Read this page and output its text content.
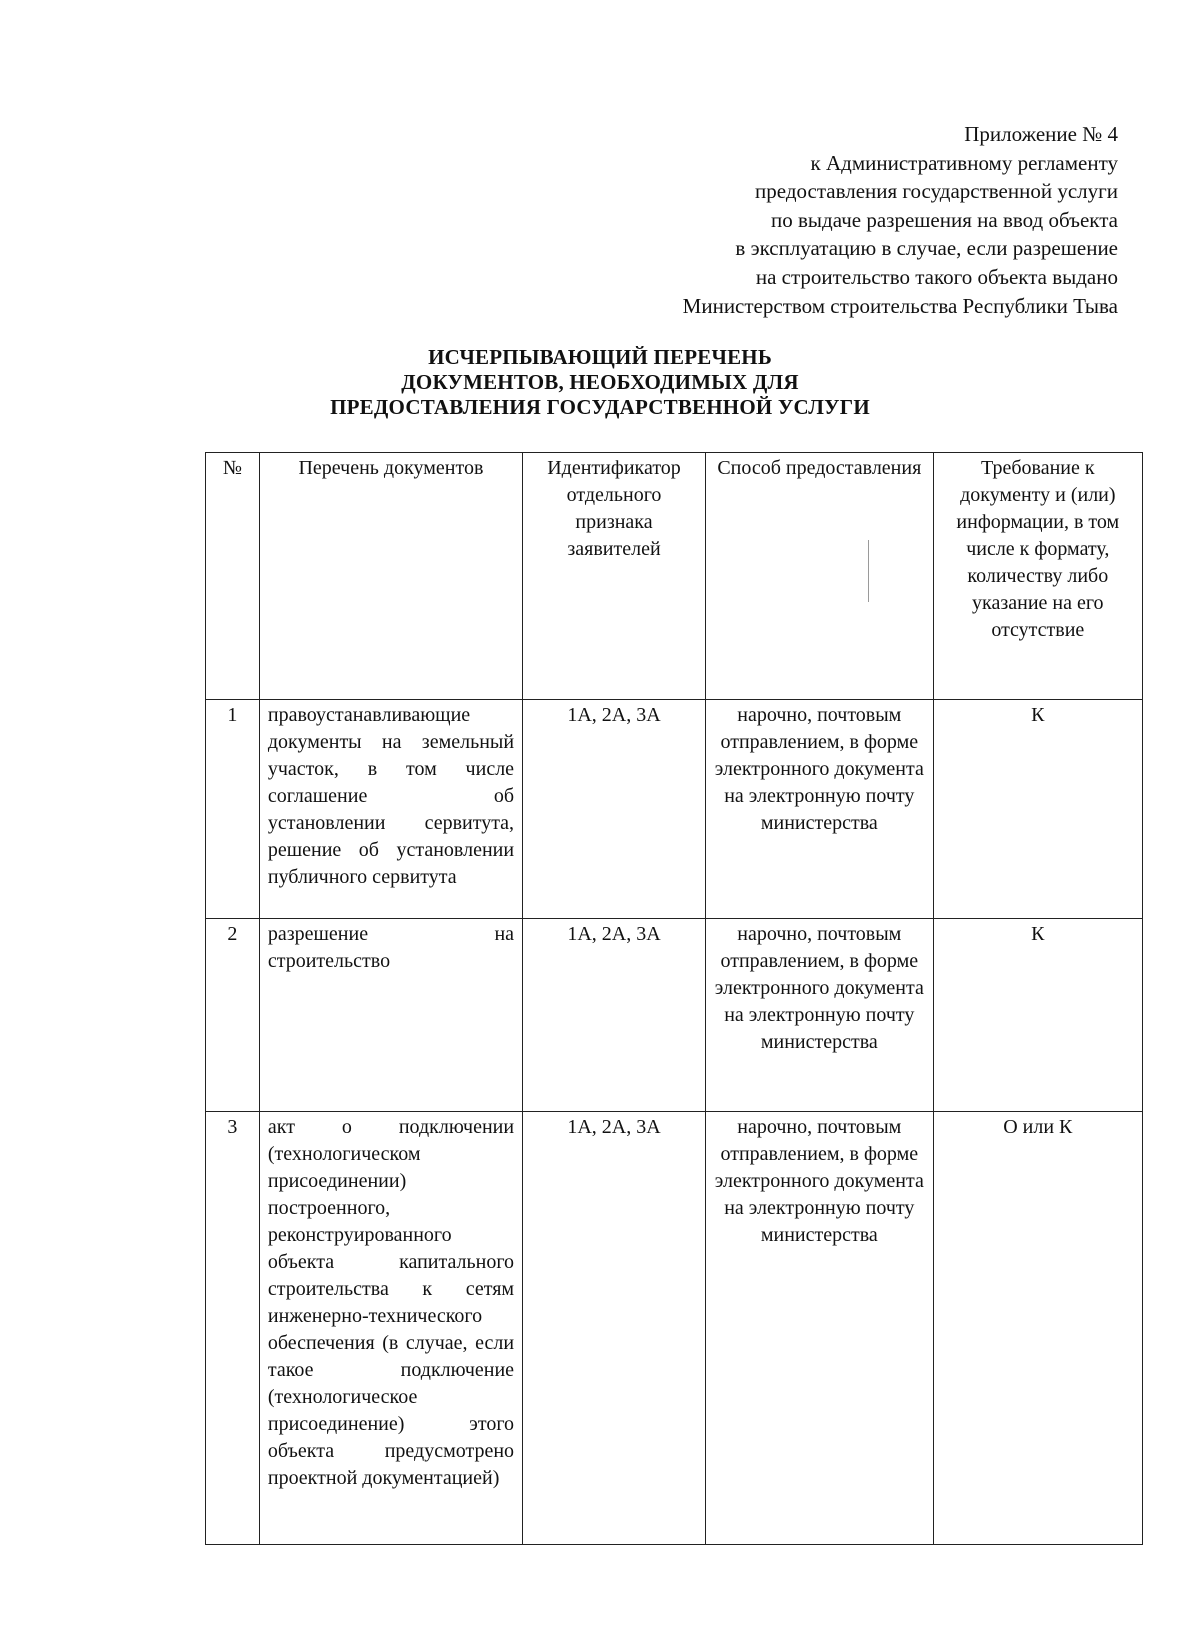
Приложение № 4
к Административному регламенту
предоставления государственной услуги
по выдаче разрешения на ввод объекта
в эксплуатацию в случае, если разрешение
на строительство такого объекта выдано
Министерством строительства Республики Тыва
ИСЧЕРПЫВАЮЩИЙ ПЕРЕЧЕНЬ
ДОКУМЕНТОВ, НЕОБХОДИМЫХ ДЛЯ
ПРЕДОСТАВЛЕНИЯ ГОСУДАРСТВЕННОЙ УСЛУГИ
№	Перечень документов	Идентификатор отдельного признака заявителей	Способ предоставления	Требование к документу и (или) информации, в том числе к формату, количеству либо указание на его отсутствие
1	правоустанавливающие документы на земельный участок, в том числе соглашение об установлении сервитута, решение об установлении публичного сервитута	1А, 2А, 3А	нарочно, почтовым отправлением, в форме электронного документа на электронную почту министерства	К
2	разрешение на строительство	1А, 2А, 3А	нарочно, почтовым отправлением, в форме электронного документа на электронную почту министерства	К
3	акт о подключении (технологическом присоединении) построенного, реконструированного объекта капитального строительства к сетям инженерно-технического обеспечения (в случае, если такое подключение (технологическое присоединение) этого объекта предусмотрено проектной документацией)	1А, 2А, 3А	нарочно, почтовым отправлением, в форме электронного документа на электронную почту министерства	О или К
